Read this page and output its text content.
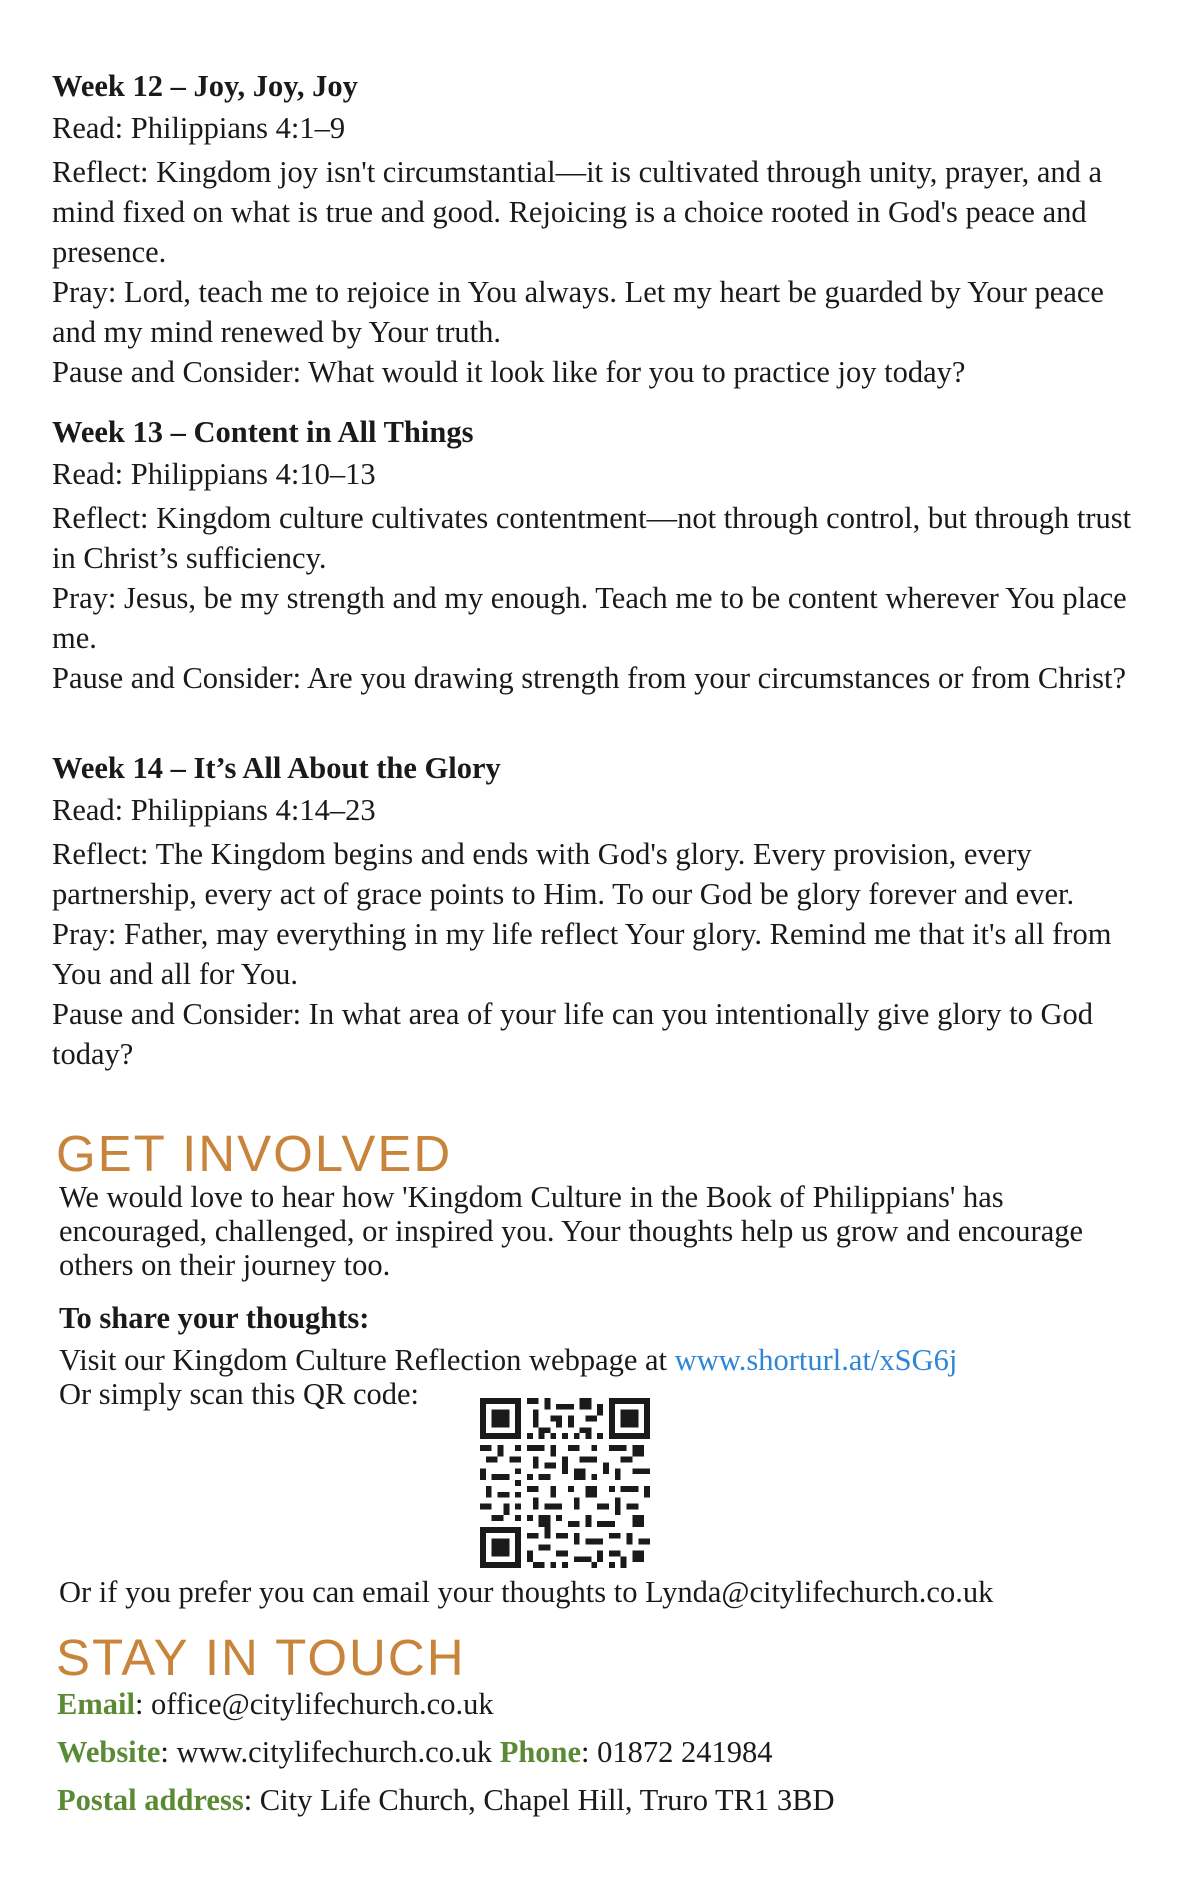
Week 12 – Joy, Joy, Joy

Read: Philippians 4:1–9

Reflect: Kingdom joy isn't circumstantial—it is cultivated through unity, prayer, and a mind fixed on what is true and good. Rejoicing is a choice rooted in God's peace and presence.

Pray: Lord, teach me to rejoice in You always. Let my heart be guarded by Your peace and my mind renewed by Your truth.

Pause and Consider: What would it look like for you to practice joy today?

Week 13 – Content in All Things

Read: Philippians 4:10–13

Reflect: Kingdom culture cultivates contentment—not through control, but through trust in Christ’s sufficiency.

Pray: Jesus, be my strength and my enough. Teach me to be content wherever You place me.

Pause and Consider: Are you drawing strength from your circumstances or from Christ?

Week 14 – It’s All About the Glory

Read: Philippians 4:14–23

Reflect: The Kingdom begins and ends with God's glory. Every provision, every partnership, every act of grace points to Him. To our God be glory forever and ever.

Pray: Father, may everything in my life reflect Your glory. Remind me that it's all from You and all for You.

Pause and Consider: In what area of your life can you intentionally give glory to God today?

GET INVOLVED

We would love to hear how 'Kingdom Culture in the Book of Philippians' has encouraged, challenged, or inspired you. Your thoughts help us grow and encourage others on their journey too.

To share your thoughts:

Visit our Kingdom Culture Reflection webpage at www.shorturl.at/xSG6j

Or simply scan this QR code:

Or if you prefer you can email your thoughts to Lynda@citylifechurch.co.uk

STAY IN TOUCH

Email: office@citylifechurch.co.uk

Website: www.citylifechurch.co.uk Phone: 01872 241984

Postal address: City Life Church, Chapel Hill, Truro TR1 3BD
